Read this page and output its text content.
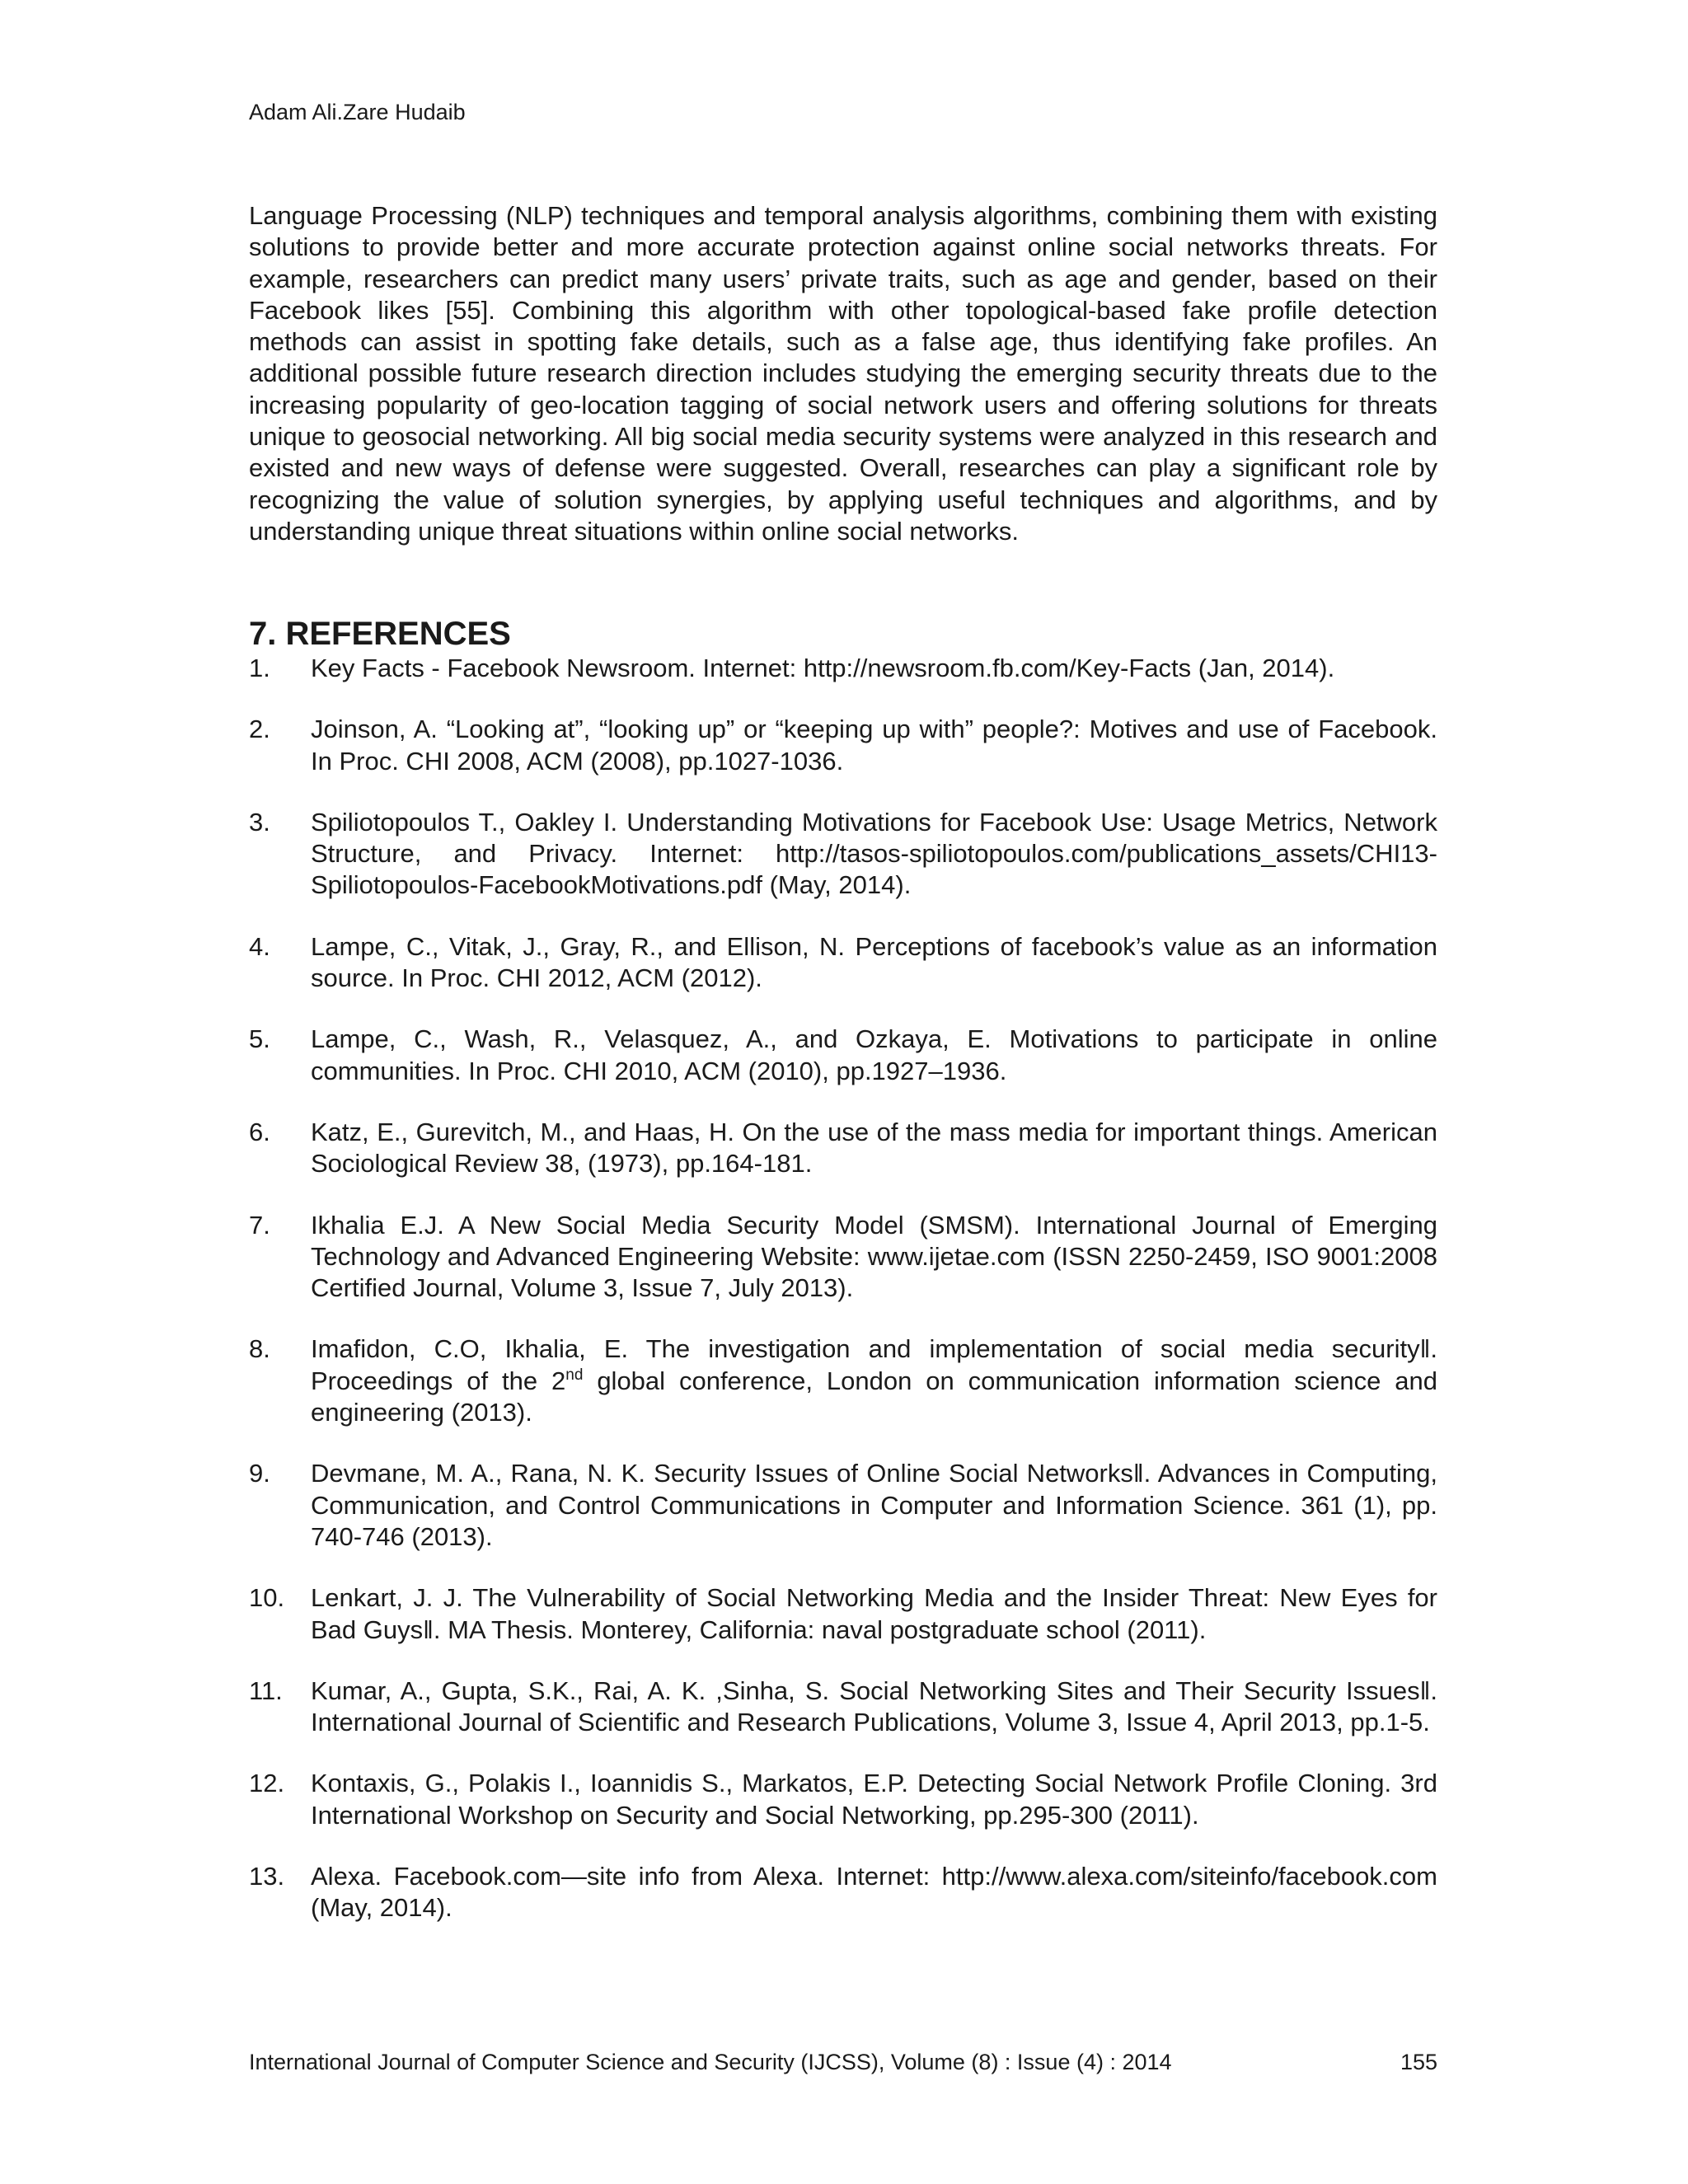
Adam Ali.Zare Hudaib

Language Processing (NLP) techniques and temporal analysis algorithms, combining them with existing solutions to provide better and more accurate protection against online social networks threats. For example, researchers can predict many users’ private traits, such as age and gender, based on their Facebook likes [55]. Combining this algorithm with other topological-based fake profile detection methods can assist in spotting fake details, such as a false age, thus identifying fake profiles. An additional possible future research direction includes studying the emerging security threats due to the increasing popularity of geo-location tagging of social network users and offering solutions for threats unique to geosocial networking. All big social media security systems were analyzed in this research and existed and new ways of defense were suggested. Overall, researches can play a significant role by recognizing the value of solution synergies, by applying useful techniques and algorithms, and by understanding unique threat situations within online social networks.

7. REFERENCES
1. Key Facts - Facebook Newsroom. Internet: http://newsroom.fb.com/Key-Facts (Jan, 2014).
2. Joinson, A. “Looking at”, “looking up” or “keeping up with” people?: Motives and use of Facebook. In Proc. CHI 2008, ACM (2008), pp.1027-1036.
3. Spiliotopoulos T., Oakley I. Understanding Motivations for Facebook Use: Usage Metrics, Network Structure, and Privacy. Internet: http://tasos-spiliotopoulos.com/publications_assets/CHI13-Spiliotopoulos-FacebookMotivations.pdf (May, 2014).
4. Lampe, C., Vitak, J., Gray, R., and Ellison, N. Perceptions of facebook’s value as an information source. In Proc. CHI 2012, ACM (2012).
5. Lampe, C., Wash, R., Velasquez, A., and Ozkaya, E. Motivations to participate in online communities. In Proc. CHI 2010, ACM (2010), pp.1927–1936.
6. Katz, E., Gurevitch, M., and Haas, H. On the use of the mass media for important things. American Sociological Review 38, (1973), pp.164-181.
7. Ikhalia E.J. A New Social Media Security Model (SMSM). International Journal of Emerging Technology and Advanced Engineering Website: www.ijetae.com (ISSN 2250-2459, ISO 9001:2008 Certified Journal, Volume 3, Issue 7, July 2013).
8. Imafidon, C.O, Ikhalia, E. The investigation and implementation of social media security‖. Proceedings of the 2nd global conference, London on communication information science and engineering (2013).
9. Devmane, M. A., Rana, N. K. Security Issues of Online Social Networks‖. Advances in Computing, Communication, and Control Communications in Computer and Information Science. 361 (1), pp. 740-746 (2013).
10. Lenkart, J. J. The Vulnerability of Social Networking Media and the Insider Threat: New Eyes for Bad Guys‖. MA Thesis. Monterey, California: naval postgraduate school (2011).
11. Kumar, A., Gupta, S.K., Rai, A. K. ,Sinha, S. Social Networking Sites and Their Security Issues‖. International Journal of Scientific and Research Publications, Volume 3, Issue 4, April 2013, pp.1-5.
12. Kontaxis, G., Polakis I., Ioannidis S., Markatos, E.P. Detecting Social Network Profile Cloning. 3rd International Workshop on Security and Social Networking, pp.295-300 (2011).
13. Alexa. Facebook.com—site info from Alexa. Internet: http://www.alexa.com/siteinfo/facebook.com (May, 2014).
International Journal of Computer Science and Security (IJCSS), Volume (8) : Issue (4) : 2014	155
